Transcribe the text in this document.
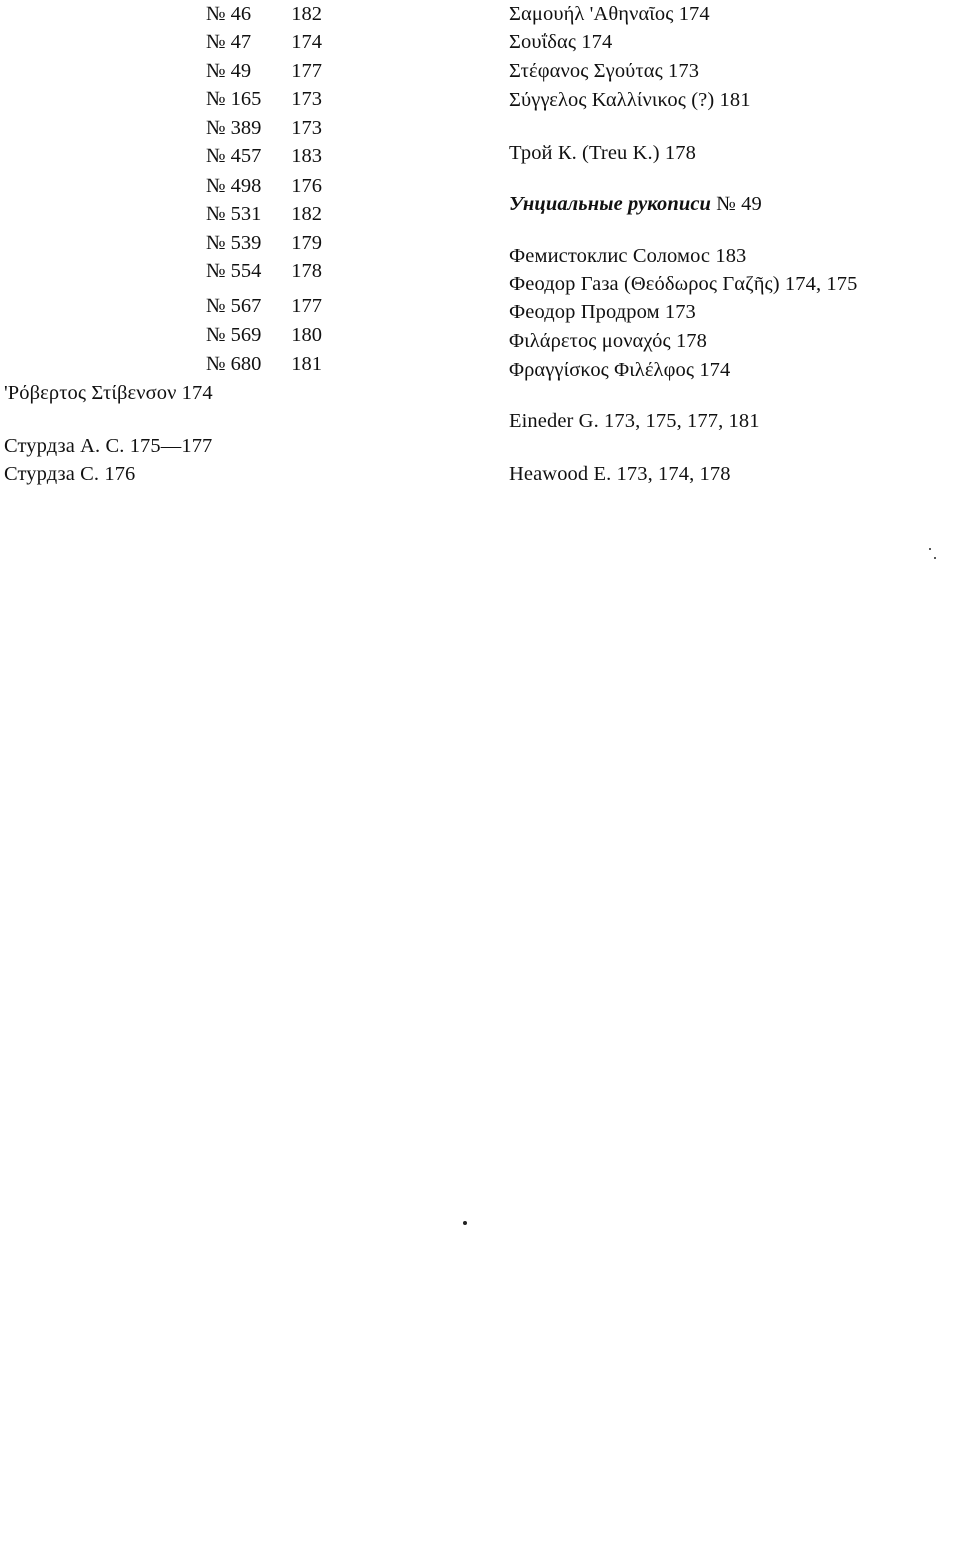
№ 46	182
№ 47	174
№ 49	177
№ 165	173
№ 389	173
№ 457	183
№ 498	176
№ 531	182
№ 539	179
№ 554	178
№ 567	177
№ 569	180
№ 680	181
'Ρόβερτος Στίβενσον 174
Стурдза А. С. 175—177
Стурдза С. 176
Σαμουήλ 'Αθηναῖος 174
Σουΐδας 174
Στέφανος Σγούτας 173
Σύγγελος Καλλίνικος (?) 181
Трой К. (Treu K.) 178
Унциальные рукописи № 49
Фемистоклис Соломос 183
Феодор Газа (Θεόδωρος Γαζῆς) 174, 175
Феодор Продром 173
Φιλάρετος μοναχός 178
Φραγγίσκος Φιλέλφος 174
Eineder G. 173, 175, 177, 181
Heawood E. 173, 174, 178
